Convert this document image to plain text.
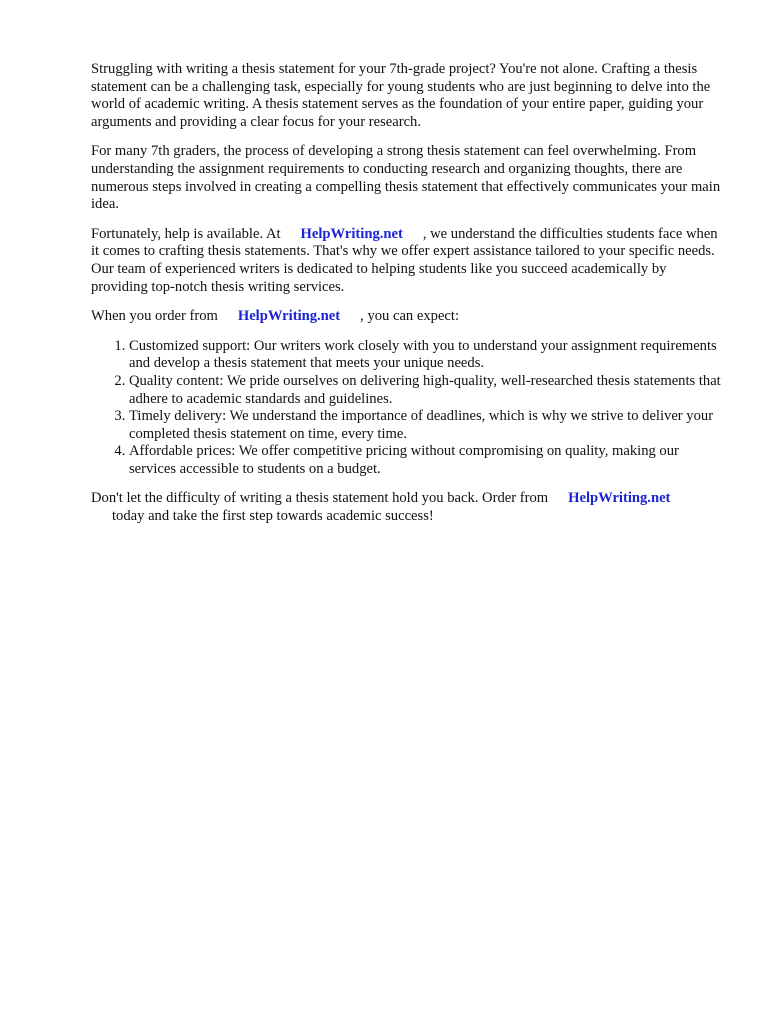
Struggling with writing a thesis statement for your 7th-grade project? You're not alone. Crafting a thesis statement can be a challenging task, especially for young students who are just beginning to delve into the world of academic writing. A thesis statement serves as the foundation of your entire paper, guiding your arguments and providing a clear focus for your research.

For many 7th graders, the process of developing a strong thesis statement can feel overwhelming. From understanding the assignment requirements to conducting research and organizing thoughts, there are numerous steps involved in creating a compelling thesis statement that effectively communicates your main idea.

Fortunately, help is available. At HelpWriting.net , we understand the difficulties students face when it comes to crafting thesis statements. That's why we offer expert assistance tailored to your specific needs. Our team of experienced writers is dedicated to helping students like you succeed academically by providing top-notch thesis writing services.

When you order from HelpWriting.net , you can expect:

1. Customized support: Our writers work closely with you to understand your assignment requirements and develop a thesis statement that meets your unique needs.
2. Quality content: We pride ourselves on delivering high-quality, well-researched thesis statements that adhere to academic standards and guidelines.
3. Timely delivery: We understand the importance of deadlines, which is why we strive to deliver your completed thesis statement on time, every time.
4. Affordable prices: We offer competitive pricing without compromising on quality, making our services accessible to students on a budget.

Don't let the difficulty of writing a thesis statement hold you back. Order from HelpWriting.net
today and take the first step towards academic success!
